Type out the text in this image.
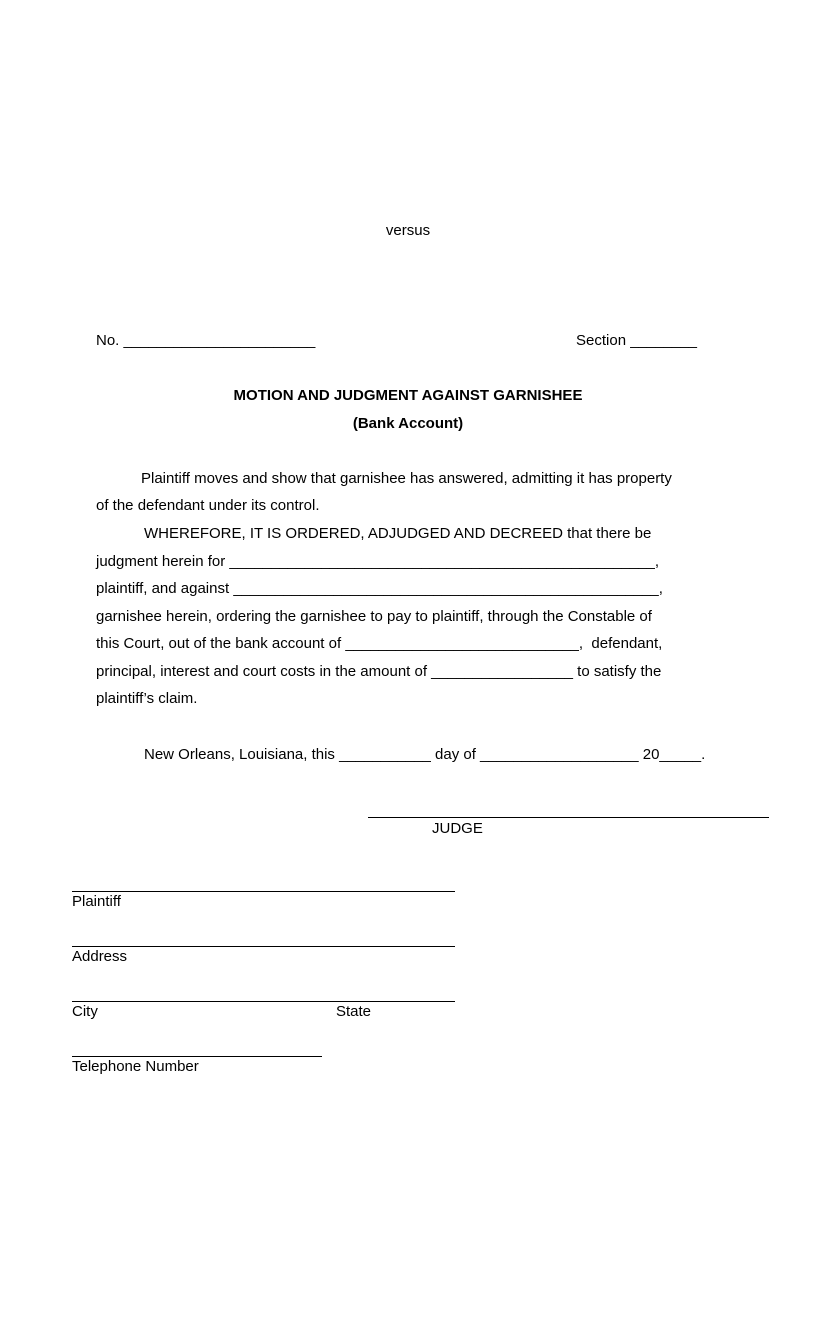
versus
No. _______________________	Section ________
MOTION AND JUDGMENT AGAINST GARNISHEE
(Bank Account)
Plaintiff moves and show that garnishee has answered, admitting it has property
of the defendant under its control.
WHEREFORE, IT IS ORDERED, ADJUDGED AND DECREED that there be
judgment herein for ___________________________________________________,
plaintiff, and against ___________________________________________________,
garnishee herein, ordering the garnishee to pay to plaintiff, through the Constable of
this Court, out of the bank account of ____________________________,  defendant,
principal, interest and court costs in the amount of _________________ to satisfy the
plaintiff’s claim.
New Orleans, Louisiana, this ___________ day of ___________________ 20_____.
JUDGE
Plaintiff
Address
City	State
Telephone Number
